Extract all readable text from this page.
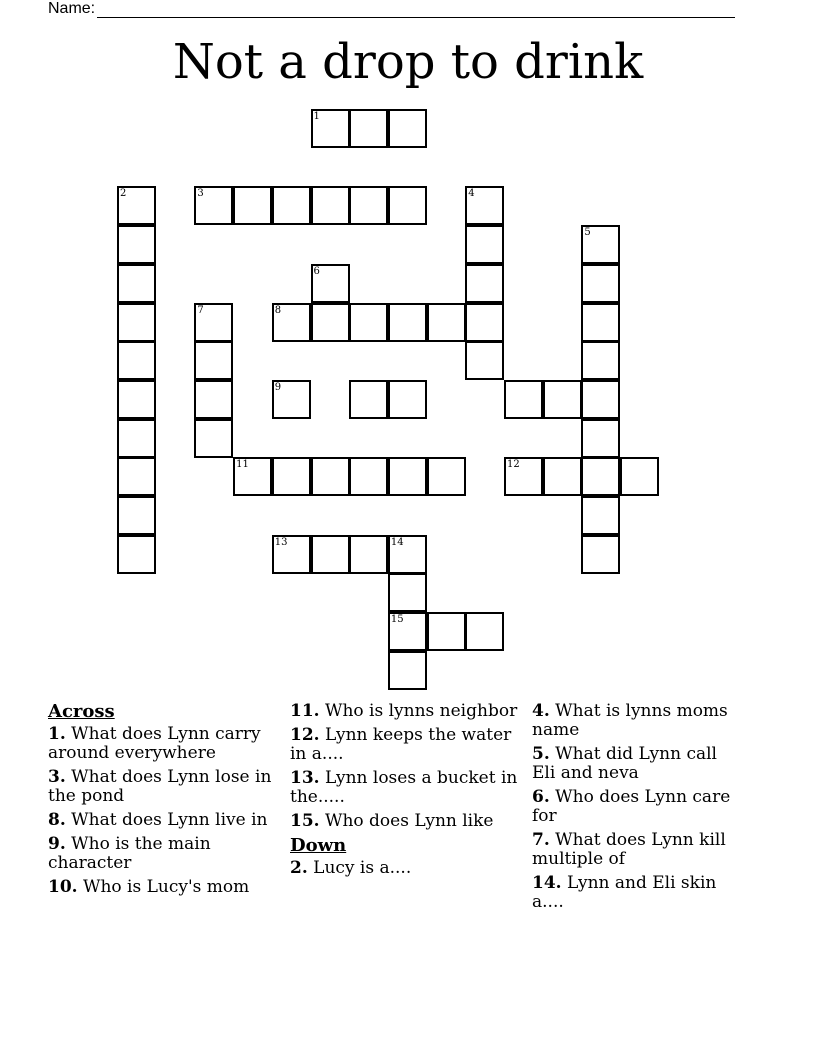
Name:
Not a drop to drink
1
2	3	4
5
6
7	8
9
11	12
13	14
15
Across
1. What does Lynn carry around everywhere
3. What does Lynn lose in the pond
8. What does Lynn live in
9. Who is the main character
10. Who is Lucy's mom
11. Who is lynns neighbor
12. Lynn keeps the water in a....
13. Lynn loses a bucket in the.....
15. Who does Lynn like
Down
2. Lucy is a....
4. What is lynns moms name
5. What did Lynn call Eli and neva
6. Who does Lynn care for
7. What does Lynn kill multiple of
14. Lynn and Eli skin a....
